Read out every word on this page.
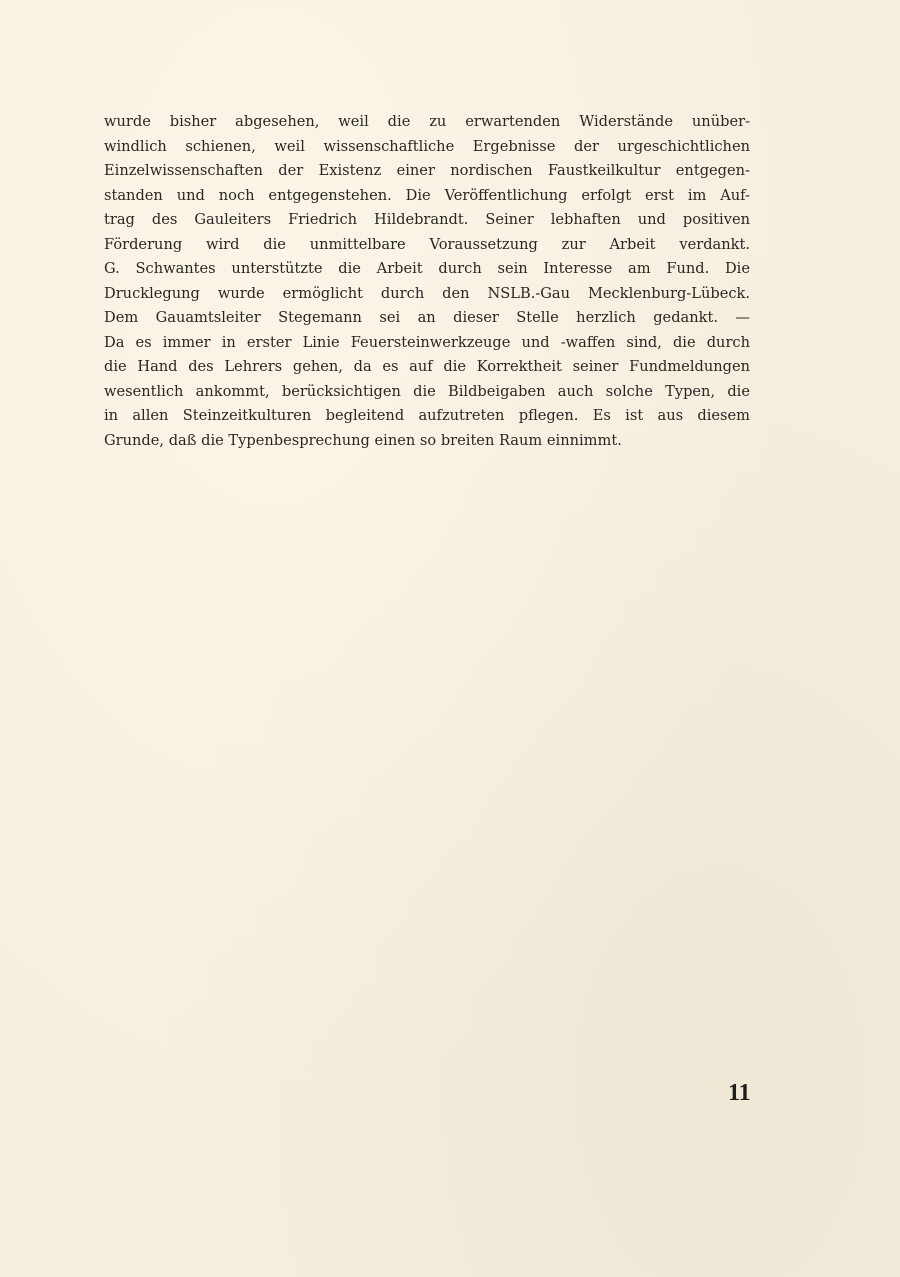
wurde bisher abgesehen, weil die zu erwartenden Widerstände unüber-
windlich schienen, weil wissenschaftliche Ergebnisse der urgeschichtlichen
Einzelwissenschaften der Existenz einer nordischen Faustkeilkultur entgegen-
standen und noch entgegenstehen. Die Veröffentlichung erfolgt erst im Auf-
trag des Gauleiters Friedrich Hildebrandt. Seiner lebhaften und positiven
Förderung wird die unmittelbare Voraussetzung zur Arbeit verdankt.
G. Schwantes unterstützte die Arbeit durch sein Interesse am Fund. Die
Drucklegung wurde ermöglicht durch den NSLB.-Gau Mecklenburg-Lübeck.
Dem Gauamtsleiter Stegemann sei an dieser Stelle herzlich gedankt. —
Da es immer in erster Linie Feuersteinwerkzeuge und -waffen sind, die durch
die Hand des Lehrers gehen, da es auf die Korrektheit seiner Fundmeldungen
wesentlich ankommt, berücksichtigen die Bildbeigaben auch solche Typen, die
in allen Steinzeitkulturen begleitend aufzutreten pflegen. Es ist aus diesem
Grunde, daß die Typenbesprechung einen so breiten Raum einnimmt.
11
